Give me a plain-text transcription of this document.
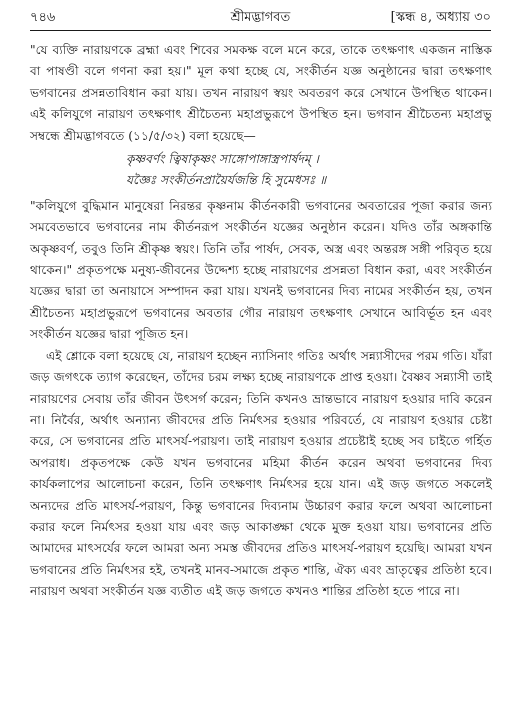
৭৪৬	শ্রীমদ্ভাগবত	[স্কন্ধ ৪, অধ্যায় ৩০

"যে ব্যক্তি নারায়ণকে ব্রহ্মা এবং শিবের সমকক্ষ বলে মনে করে, তাকে তৎক্ষণাৎ একজন নাস্তিক বা পাষণ্ডী বলে গণনা করা হয়।" মূল কথা হচ্ছে যে, সংকীর্তন যজ্ঞ অনুষ্ঠানের দ্বারা তৎক্ষণাৎ ভগবানের প্রসন্নতাবিধান করা যায়। তখন নারায়ণ স্বয়ং অবতরণ করে সেখানে উপস্থিত থাকেন। এই কলিযুগে নারায়ণ তৎক্ষণাৎ শ্রীচৈতন্য মহাপ্রভুরূপে উপস্থিত হন। ভগবান শ্রীচৈতন্য মহাপ্রভু সম্বন্ধে শ্রীমদ্ভাগবতে (১১/৫/৩২) বলা হয়েছে—

কৃষ্ণবর্ণং ত্বিষাকৃষ্ণং সাঙ্গোপাঙ্গাস্ত্রপার্ষদম্ ।
যজ্ঞৈঃ সংকীর্তনপ্রায়ৈর্যজন্তি হি সুমেধসঃ ॥

"কলিযুগে বুদ্ধিমান মানুষেরা নিরন্তর কৃষ্ণনাম কীর্তনকারী ভগবানের অবতারের পূজা করার জন্য সমবেতভাবে ভগবানের নাম কীর্তনরূপ সংকীর্তন যজ্ঞের অনুষ্ঠান করেন। যদিও তাঁর অঙ্গকান্তি অকৃষ্ণবর্ণ, তবুও তিনি শ্রীকৃষ্ণ স্বয়ং। তিনি তাঁর পার্ষদ, সেবক, অস্ত্র এবং অন্তরঙ্গ সঙ্গী পরিবৃত হয়ে থাকেন।" প্রকৃতপক্ষে মনুষ্য-জীবনের উদ্দেশ্য হচ্ছে নারায়ণের প্রসন্নতা বিধান করা, এবং সংকীর্তন যজ্ঞের দ্বারা তা অনায়াসে সম্পাদন করা যায়। যখনই ভগবানের দিব্য নামের সংকীর্তন হয়, তখন শ্রীচৈতন্য মহাপ্রভুরূপে ভগবানের অবতার গৌর নারায়ণ তৎক্ষণাৎ সেখানে আবির্ভূত হন এবং সংকীর্তন যজ্ঞের দ্বারা পূজিত হন।

এই শ্লোকে বলা হয়েছে যে, নারায়ণ হচ্ছেন ন্যাসিনাং গতিঃ অর্থাৎ সন্ন্যাসীদের পরম গতি। যাঁরা জড় জগৎকে ত্যাগ করেছেন, তাঁদের চরম লক্ষ্য হচ্ছে নারায়ণকে প্রাপ্ত হওয়া। বৈষ্ণব সন্ন্যাসী তাই নারায়ণের সেবায় তাঁর জীবন উৎসর্গ করেন; তিনি কখনও ভ্রান্তভাবে নারায়ণ হওয়ার দাবি করেন না। নির্বৈর, অর্থাৎ অন্যান্য জীবদের প্রতি নির্মৎসর হওয়ার পরিবর্তে, যে নারায়ণ হওয়ার চেষ্টা করে, সে ভগবানের প্রতি মাৎসর্য-পরায়ণ। তাই নারায়ণ হওয়ার প্রচেষ্টাই হচ্ছে সব চাইতে গর্হিত অপরাধ। প্রকৃতপক্ষে কেউ যখন ভগবানের মহিমা কীর্তন করেন অথবা ভগবানের দিব্য কার্যকলাপের আলোচনা করেন, তিনি তৎক্ষণাৎ নির্মৎসর হয়ে যান। এই জড় জগতে সকলেই অন্যদের প্রতি মাৎসর্য-পরায়ণ, কিন্তু ভগবানের দিব্যনাম উচ্চারণ করার ফলে অথবা আলোচনা করার ফলে নির্মৎসর হওয়া যায় এবং জড় আকাঙ্ক্ষা থেকে মুক্ত হওয়া যায়। ভগবানের প্রতি আমাদের মাৎসর্যের ফলে আমরা অন্য সমস্ত জীবদের প্রতিও মাৎসর্য-পরায়ণ হয়েছি। আমরা যখন ভগবানের প্রতি নির্মৎসর হই, তখনই মানব-সমাজে প্রকৃত শান্তি, ঐক্য এবং ভ্রাতৃত্বের প্রতিষ্ঠা হবে। নারায়ণ অথবা সংকীর্তন যজ্ঞ ব্যতীত এই জড় জগতে কখনও শান্তির প্রতিষ্ঠা হতে পারে না।
